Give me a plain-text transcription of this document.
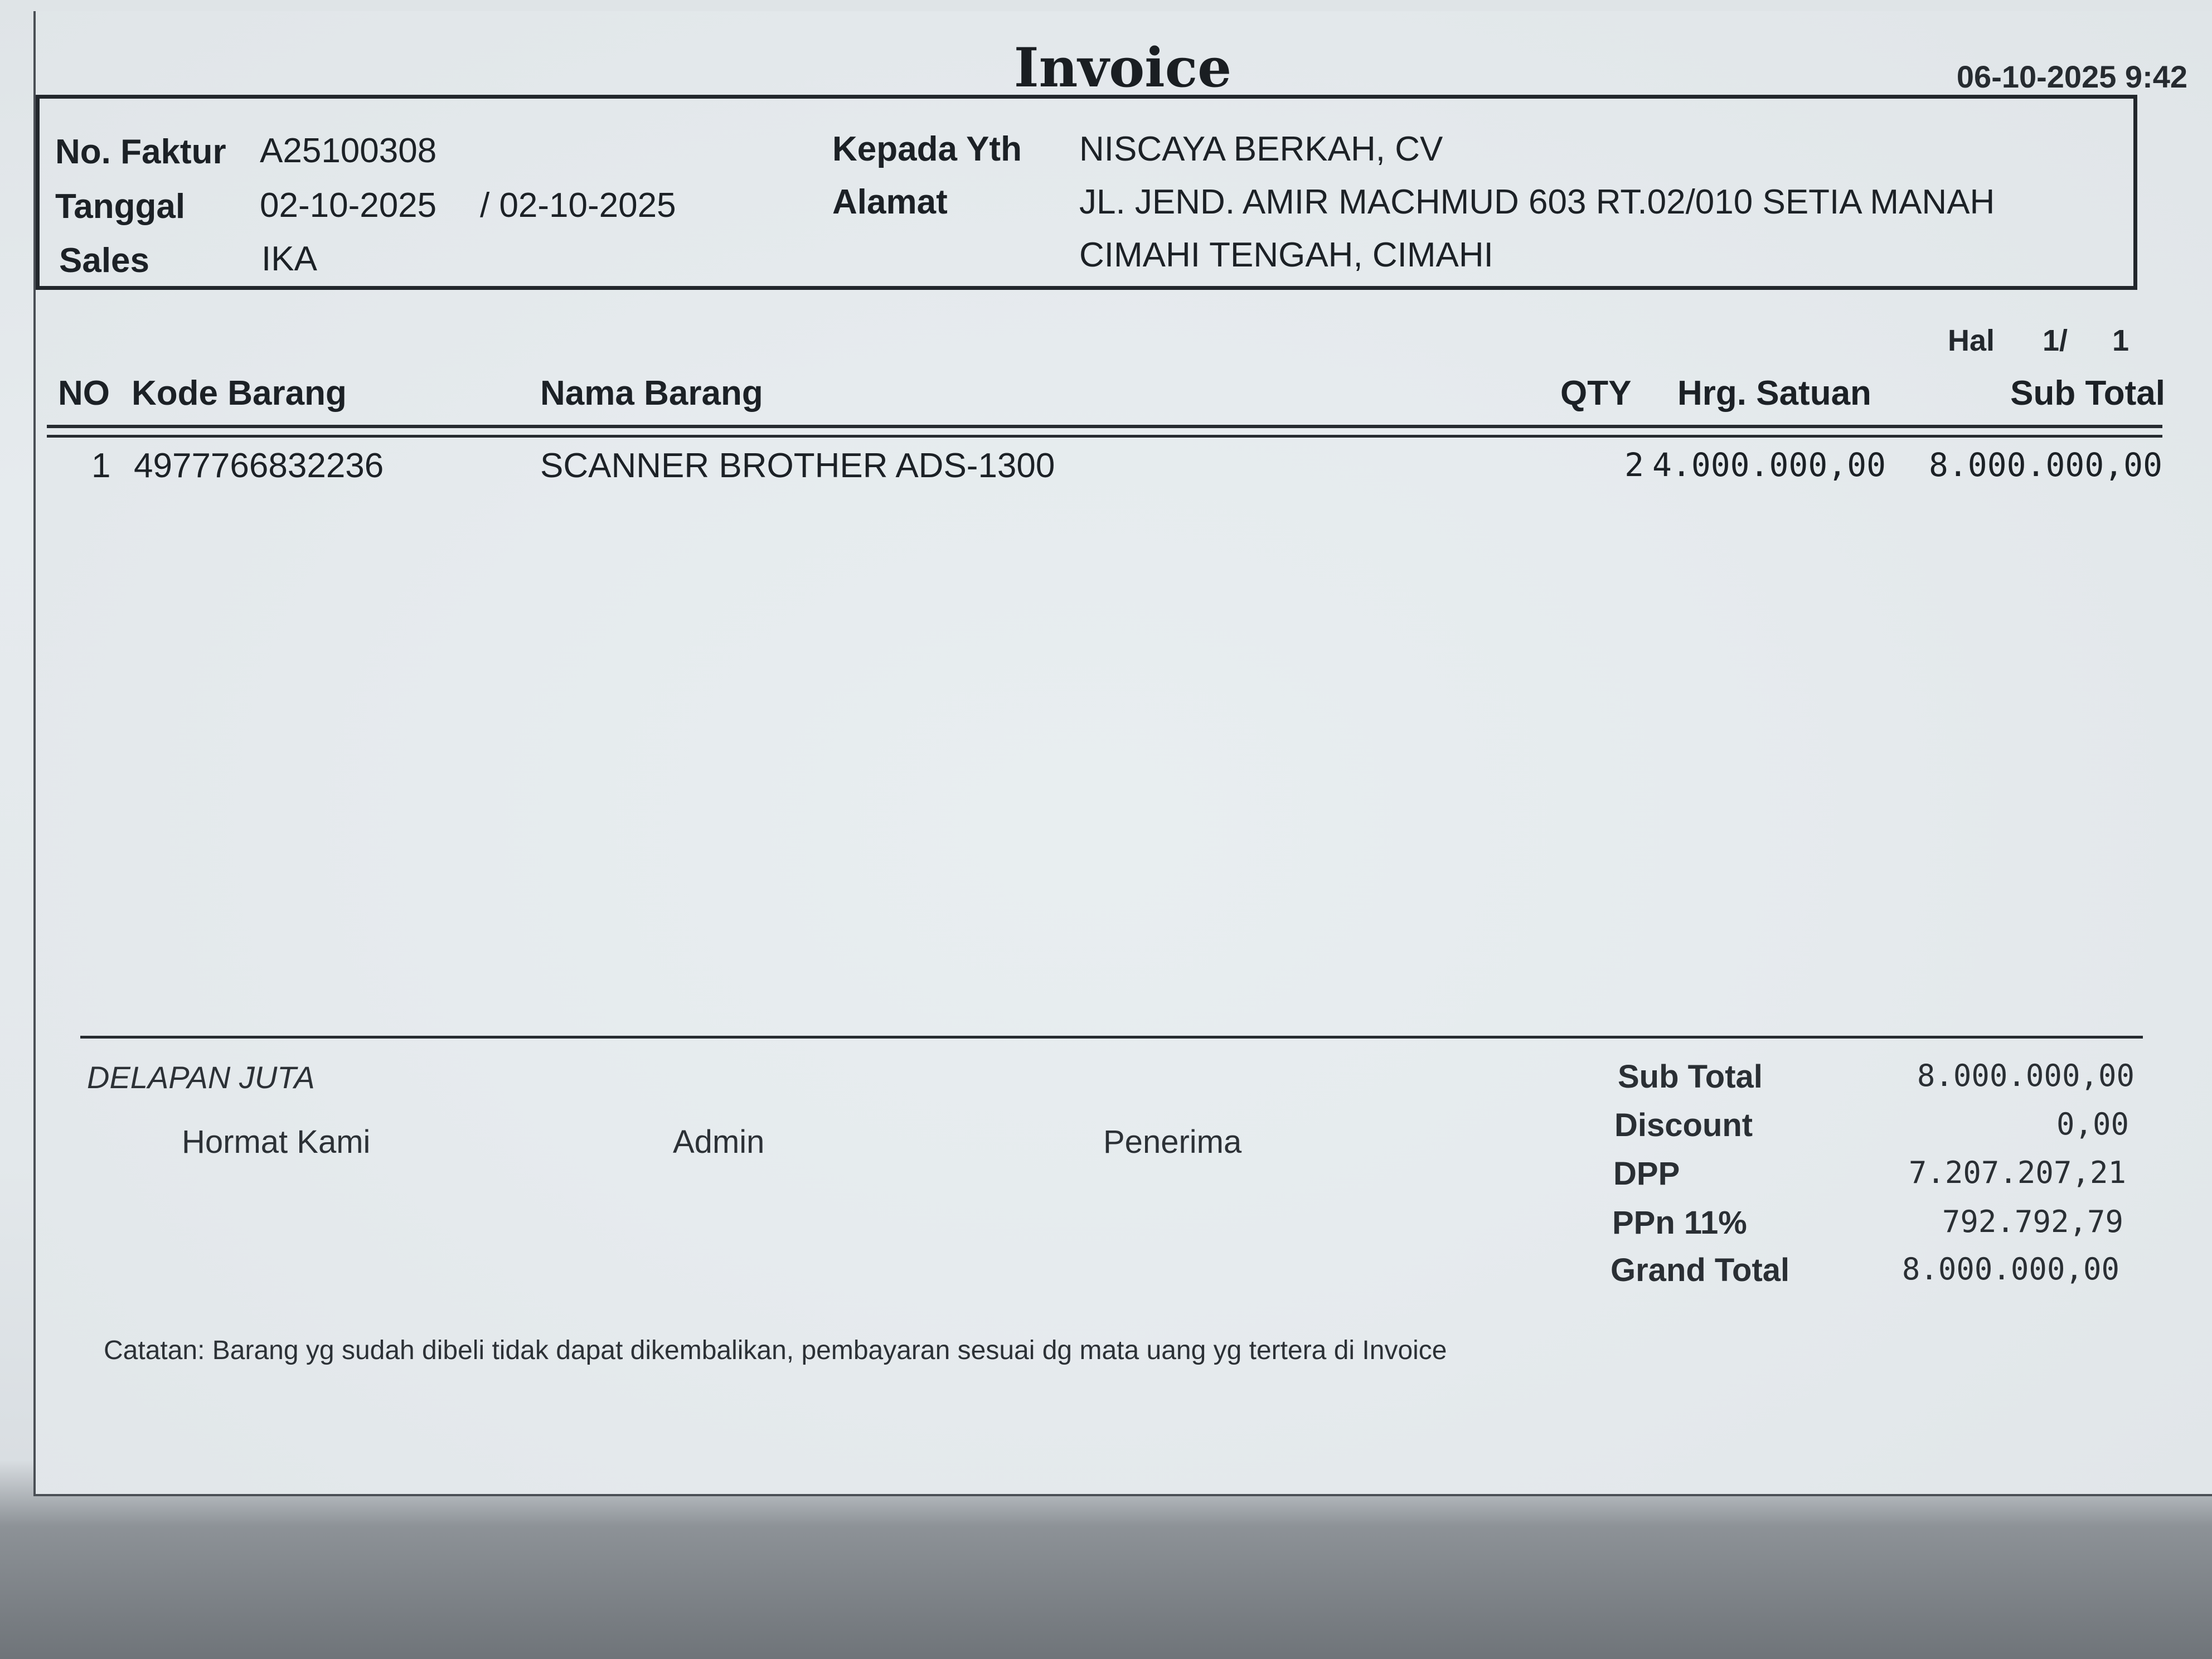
Invoice	06-10-2025 9:42
No. Faktur A25100308
Tanggal 02-10-2025 / 02-10-2025
Sales	IKA
Kepada Yth NISCAYA BERKAH, CV
Alamat	JL. JEND. AMIR MACHMUD 603 RT.02/010 SETIA MANAH
CIMAHI TENGAH, CIMAHI
Hal 1/ 1
NO Kode Barang	Nama Barang	QTY Hrg. Satuan	Sub Total
1 4977766832236	SCANNER BROTHER ADS-1300	2 4.000.000,00	8.000.000,00
DELAPAN JUTA
Hormat Kami	Admin	Penerima
Sub Total	8.000.000,00
Discount	0,00
DPP	7.207.207,21
PPn 11%	792.792,79
Grand Total	8.000.000,00
Catatan: Barang yg sudah dibeli tidak dapat dikembalikan, pembayaran sesuai dg mata uang yg tertera di Invoice
